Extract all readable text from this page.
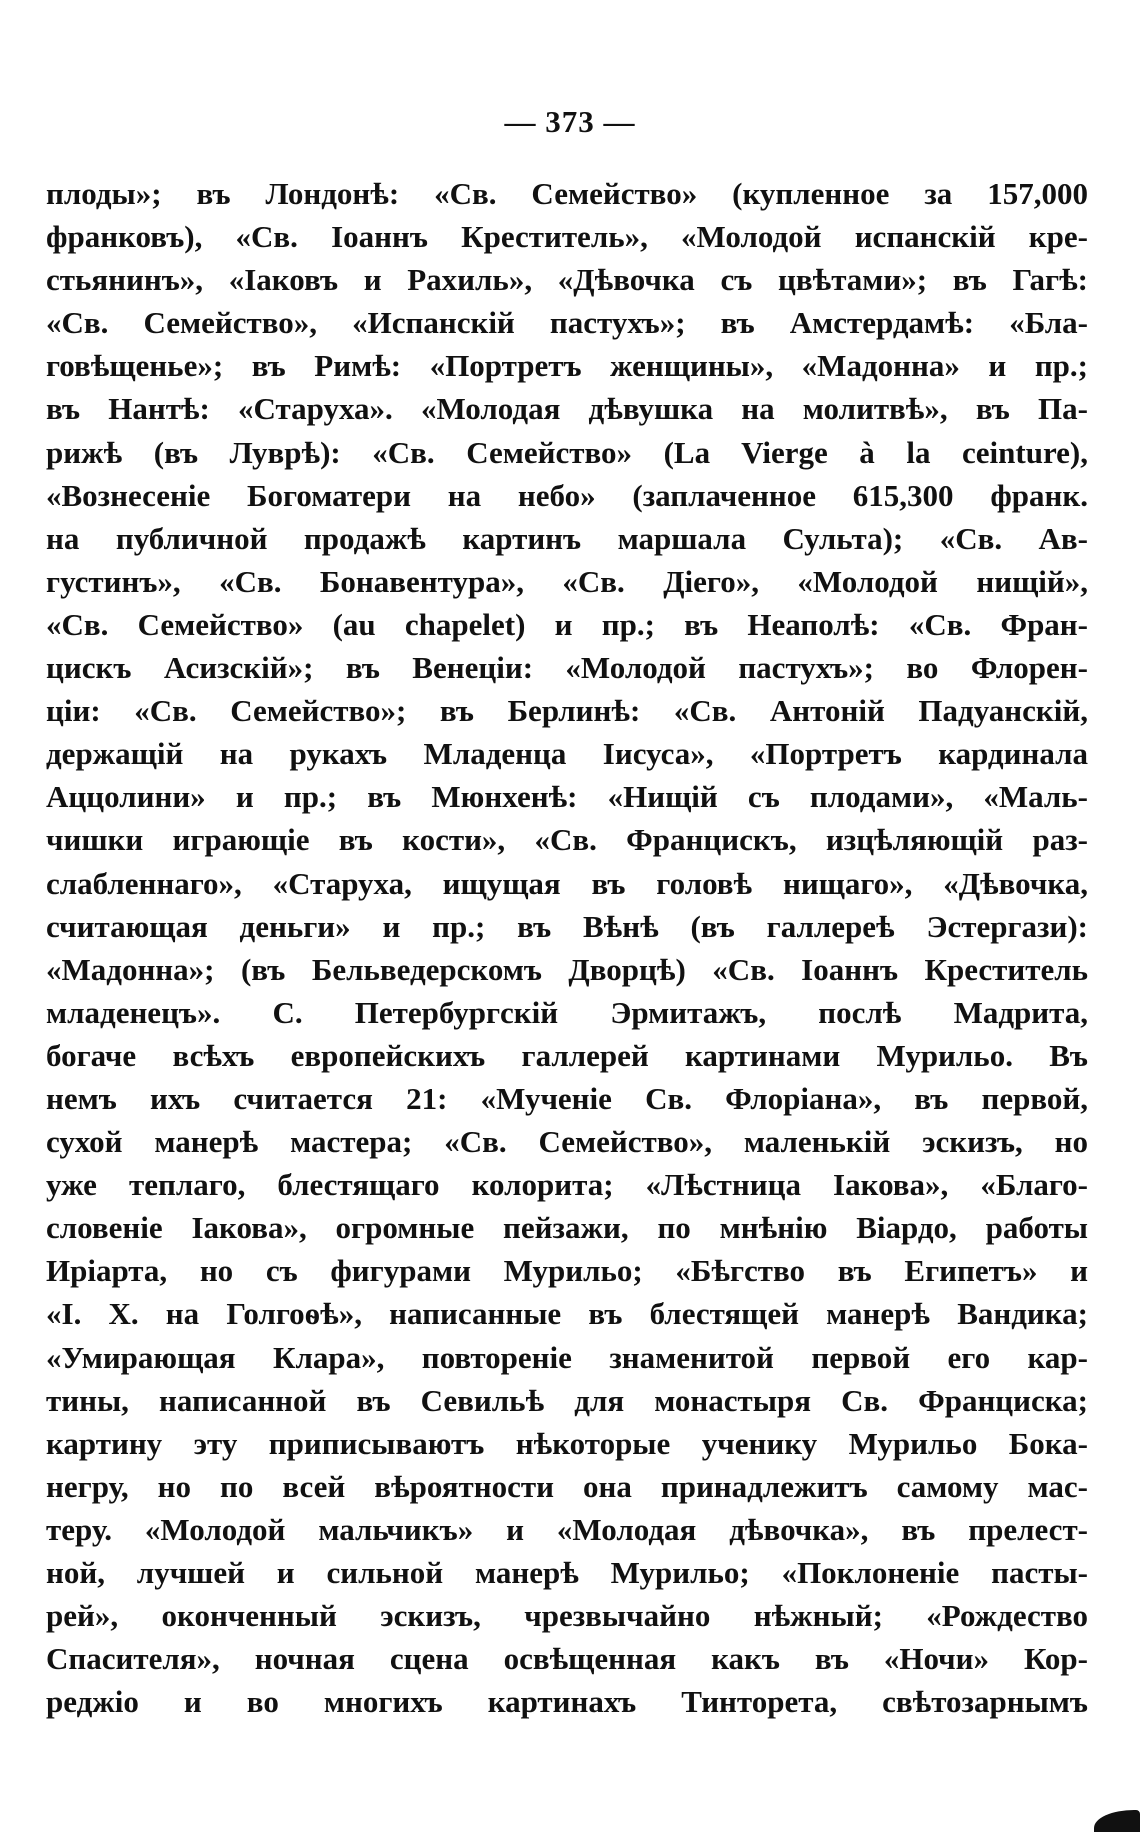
— 373 —
плоды»; въ Лондонѣ: «Св. Семейство» (купленное за 157,000
франковъ), «Св. Іоаннъ Креститель», «Молодой испанскій кре-
стьянинъ», «Іаковъ и Рахиль», «Дѣвочка съ цвѣтами»; въ Гагѣ:
«Св. Семейство», «Испанскій пастухъ»; въ Амстердамѣ: «Бла-
говѣщенье»; въ Римѣ: «Портретъ женщины», «Мадонна» и пр.;
въ Нантѣ: «Старуха». «Молодая дѣвушка на молитвѣ», въ Па-
рижѣ (въ Луврѣ): «Св. Семейство» (La Vierge à la ceinture),
«Вознесеніе Богоматери на небо» (заплаченное 615,300 франк.
на публичной продажѣ картинъ маршала Сульта); «Св. Ав-
густинъ», «Св. Бонавентура», «Св. Діего», «Молодой нищій»,
«Св. Семейство» (au chapelet) и пр.; въ Неаполѣ: «Св. Фран-
цискъ Асизскій»; въ Венеціи: «Молодой пастухъ»; во Флорен-
ціи: «Св. Семейство»; въ Берлинѣ: «Св. Антоній Падуанскій,
держащій на рукахъ Младенца Іисуса», «Портретъ кардинала
Аццолини» и пр.; въ Мюнхенѣ: «Нищій съ плодами», «Маль-
чишки играющіе въ кости», «Св. Францискъ, изцѣляющій раз-
слабленнаго», «Старуха, ищущая въ головѣ нищаго», «Дѣвочка,
считающая деньги» и пр.; въ Вѣнѣ (въ галлереѣ Эстергази):
«Мадонна»; (въ Бельведерскомъ Дворцѣ) «Св. Іоаннъ Креститель
младенецъ». С. Петербургскій Эрмитажъ, послѣ Мадрита,
богаче всѣхъ европейскихъ галлерей картинами Мурильо. Въ
немъ ихъ считается 21: «Мученіе Св. Флоріана», въ первой,
сухой манерѣ мастера; «Св. Семейство», маленькій эскизъ, но
уже теплаго, блестящаго колорита; «Лѣстница Іакова», «Благо-
словеніе Іакова», огромные пейзажи, по мнѣнію Віардо, работы
Иріарта, но съ фигурами Мурильо; «Бѣгство въ Египетъ» и
«І. Х. на Голгоѳѣ», написанные въ блестящей манерѣ Вандика;
«Умирающая Клара», повтореніе знаменитой первой его кар-
тины, написанной въ Севильѣ для монастыря Св. Франциска;
картину эту приписываютъ нѣкоторые ученику Мурильо Бока-
негру, но по всей вѣроятности она принадлежитъ самому мас-
теру. «Молодой мальчикъ» и «Молодая дѣвочка», въ прелест-
ной, лучшей и сильной манерѣ Мурильо; «Поклоненіе пасты-
рей», оконченный эскизъ, чрезвычайно нѣжный; «Рождество
Спасителя», ночная сцена освѣщенная какъ въ «Ночи» Кор-
реджіо и во многихъ картинахъ Тинторета, свѣтозарнымъ
